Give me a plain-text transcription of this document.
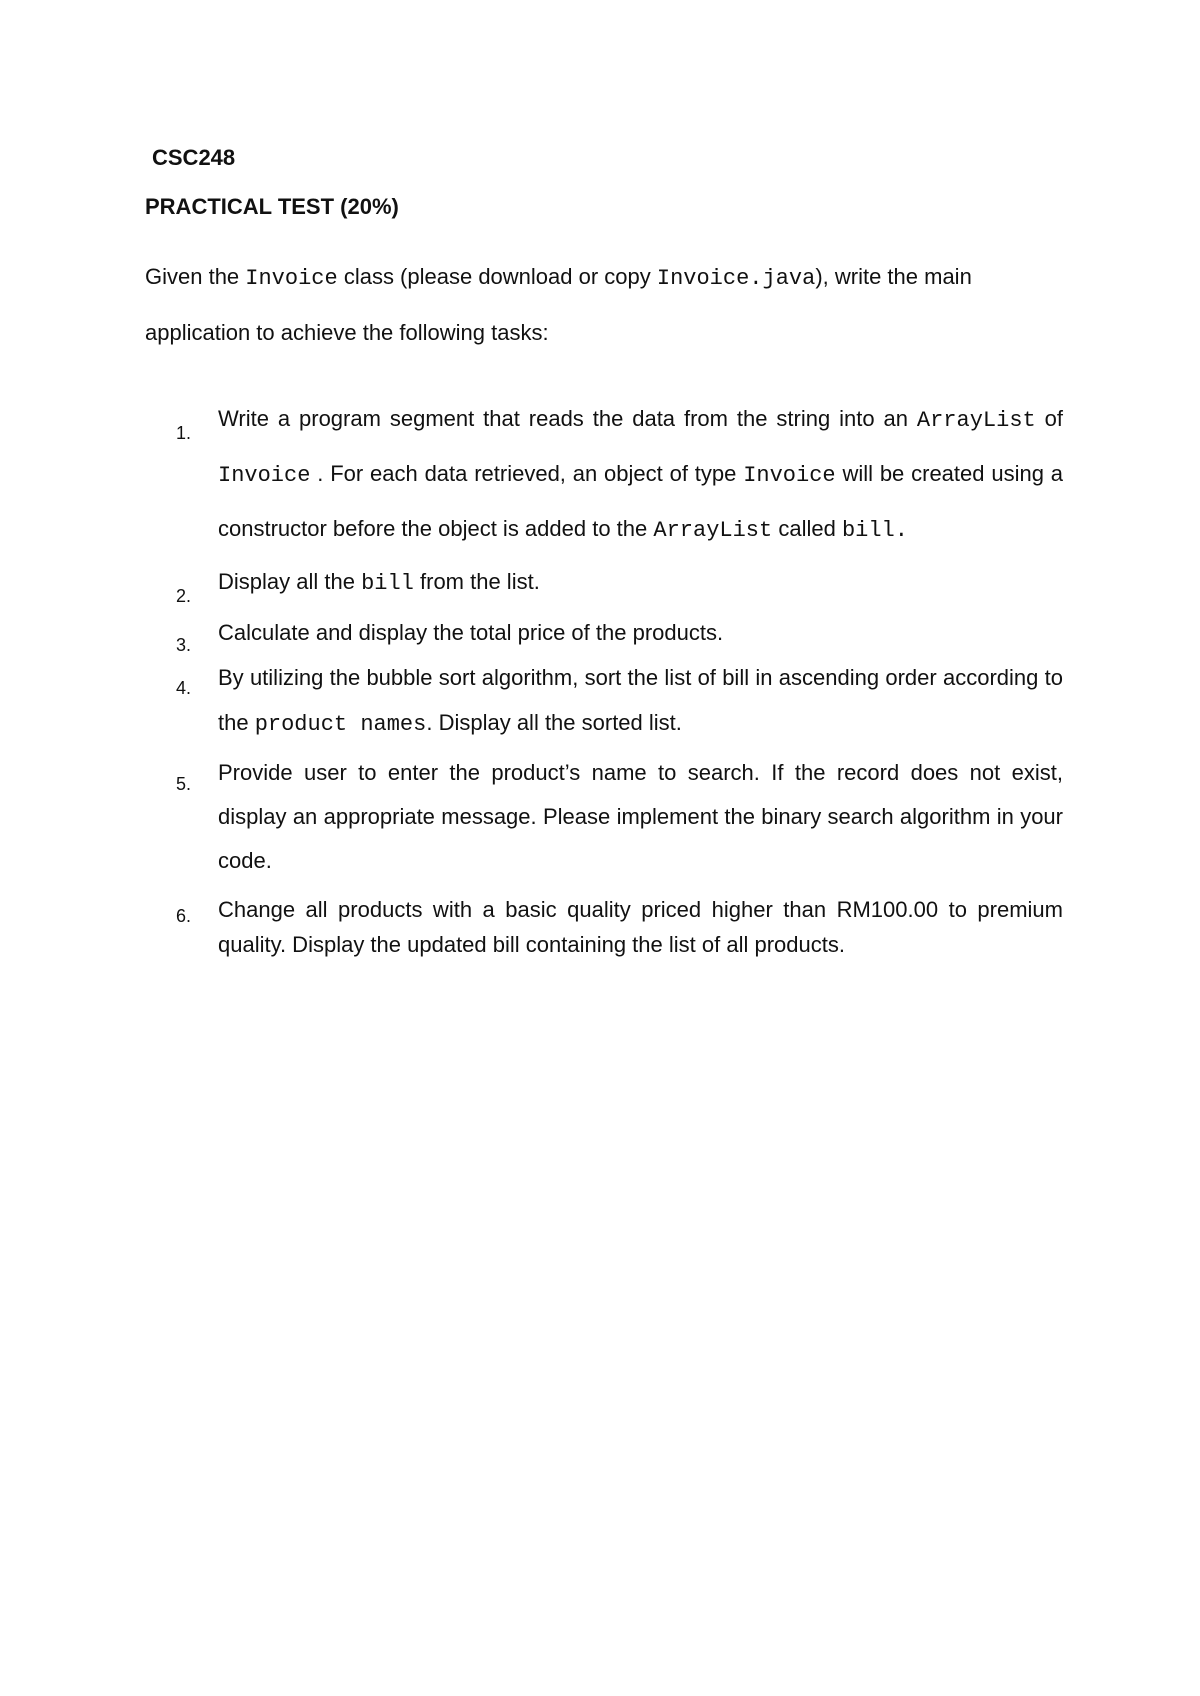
CSC248
PRACTICAL TEST (20%)

Given the Invoice class (please download or copy Invoice.java), write the main application to achieve the following tasks:

1.
Write a program segment that reads the data from the string into an ArrayList of Invoice . For each data retrieved, an object of type Invoice will be created using a constructor before the object is added to the ArrayList called bill.
2.
Display all the bill from the list.
3.	Calculate and display the total price of the products.
4.	By utilizing the bubble sort algorithm, sort the list of bill in ascending order according to the product names. Display all the sorted list.
5.	Provide user to enter the product’s name to search. If the record does not exist, display an appropriate message. Please implement the binary search algorithm in your code.
6.	Change all products with a basic quality priced higher than RM100.00 to premium quality. Display the updated bill containing the list of all products.
